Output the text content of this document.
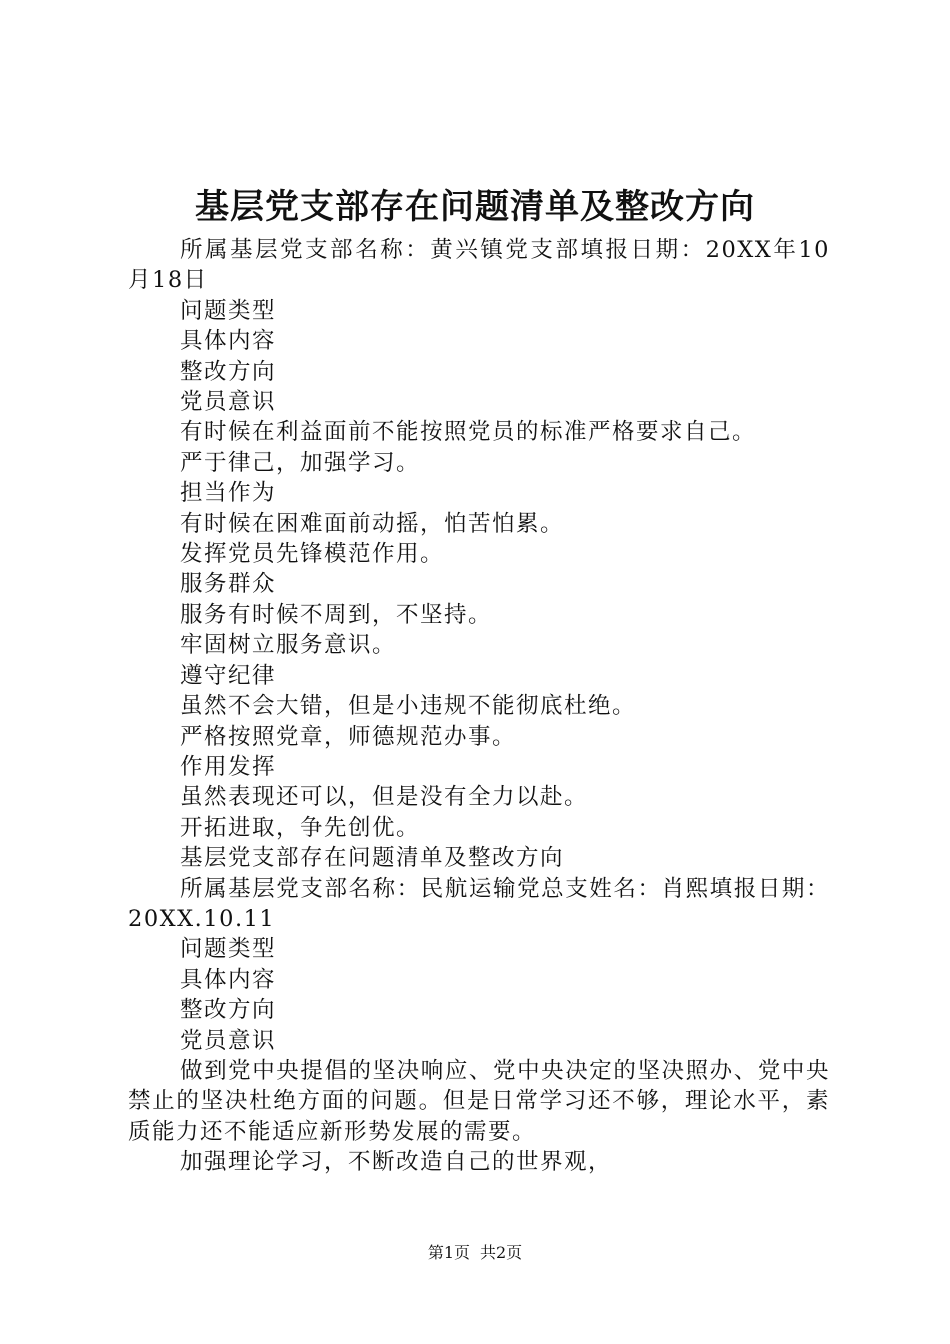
基层党支部存在问题清单及整改方向

所属基层党支部名称：黄兴镇党支部填报日期：20XX年10月18日

问题类型

具体内容

整改方向

党员意识

有时候在利益面前不能按照党员的标准严格要求自己。

严于律己，加强学习。

担当作为

有时候在困难面前动摇，怕苦怕累。

发挥党员先锋模范作用。

服务群众

服务有时候不周到，不坚持。

牢固树立服务意识。

遵守纪律

虽然不会大错，但是小违规不能彻底杜绝。

严格按照党章，师德规范办事。

作用发挥

虽然表现还可以，但是没有全力以赴。

开拓进取，争先创优。

基层党支部存在问题清单及整改方向

所属基层党支部名称：民航运输党总支姓名：肖熙填报日期：20XX.10.11

问题类型

具体内容

整改方向

党员意识

做到党中央提倡的坚决响应、党中央决定的坚决照办、党中央禁止的坚决杜绝方面的问题。但是日常学习还不够，理论水平，素质能力还不能适应新形势发展的需要。

加强理论学习，不断改造自己的世界观，

第1页 共2页
